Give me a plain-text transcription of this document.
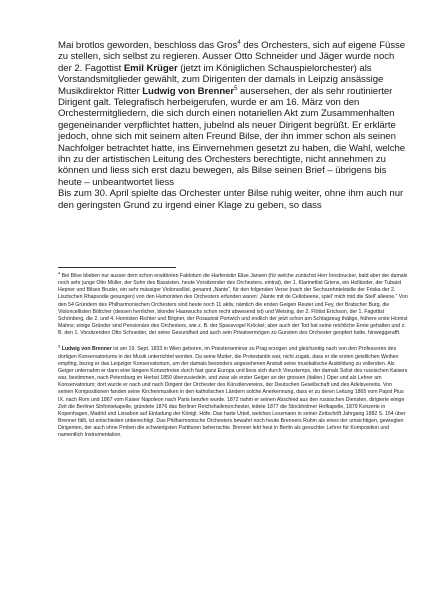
Mai brotlos geworden, beschloss das Gros$^4$ des Orchesters, sich auf eigene Füsse zu stellen, sich selbst zu regieren. Ausser Otto Schneider und Jäger wurde noch der 2. Fagottist Emil Krüger (jetzt im Königlichen Schauspielorchester) als Vorstandsmitglieder gewählt, zum Dirigenten der damals in Leipzig ansässige Musikdirektor Ritter Ludwig von Brenner$^5$ ausersehen, der als sehr routinierter Dirigent galt. Telegrafisch herbeigerufen, wurde er am 16. März von den Orchestermitgliedern, die sich durch einen notariellen Akt zum Zusammenhalten gegeneinander verpflichtet hatten, jubelnd als neuer Dirigent begrüßt. Er erklärte jedoch, ohne sich mit seinem alten Freund Bilse, der ihn immer schon als seinen Nachfolger betrachtet hatte, ins Einvernehmen gesetzt zu haben, die Wahl, welche ihn zu der artistischen Leitung des Orchesters berechtigte, nicht annehmen zu können und liess sich erst dazu bewegen, als Bilse seinen Brief – übrigens bis heute – unbeantwortet liess
Bis zum 30. April spielte das Orchester unter Bilse ruhig weiter, ohne ihm auch nur den geringsten Grund zu irgend einer Klage zu geben, so dass

$^4$ Bei Bilse blieben nur ausser dem schon erwähnten Faktotum die Harfenistin Elise Jansen (für welche zunächst Herr Innsbrucker, bald aber der damals noch sehr junge Otto Müller, der Sohn des Bassisten, heute Vorsitzender des Orchesters, eintrat), der 1. Klarinettist Griens, ein Holländer, der Tubaist Hepner und Bilses Bruder, ein sehr mässiger Violoncellist, genannt „Nante“, für den folgenden Verse (nach der Sechszehntelstelle der Friska der 2. Lisztschen Rhapsodie gesungen) von den Humoristen des Orchesters erfunden waren: „Nante mit de Cellobeene, spiel' mich mid die Stell' alleene.“ Von den 54 Gründern des Philharmonischen Orchesters sind heute noch 11 aktiv, nämlich die ersten Geigen Reuter und Fey, der Bratscher Burg, die Violoncellisten Böttcher (dessen herrlicher, blonder Haarwuchs schon recht abwesend ist) und Weising, der 2. Flötist Erichson, der 1. Fagottist Schönberg, die 2. und 4. Hornisten Richter und Bögner, der Posaunist Portwich und endlich der jetzt schon am Schlagzeug thätige, frühere erste Hornist Mahns; einige Gründer sind Pensionäre des Orchesters, wie z. B. der Spassvogel Kröckel; aber auch der Tod hat seine reichliche Ernte gehalten und z. B. den 1. Vorsitzenden Otto Schneider, der seine Gesundheit und auch sein Privatvermögen zu Gunsten des Orchester geopfert hatte, hinweggerafft.

$^5$ Ludwig von Brenner ist am 19. Sept. 1833 in Wien geboren, im Priesterseminar zu Prag erzogen und gleichzeitig nach von den Professoren des dortigen Konservatoriums in der Musik unterrichtet worden. Da seine Mutter, die Protestantin war, nicht zugab, dass er die ersten geistlichen Weihen empfing, bezog er das Leipziger Konservatorium, um der damals besonders angesehenen Anstalt seine musikalische Ausbildung zu vollenden. Als Geiger unternahm er dann eine längere Konzertreise durch fast ganz Europa und liess sich durch Vieuxtemps, der damals Solist des russischen Kaisers war, bestimmen, nach Petersburg im Herbst 1850 überzusiedeln. und zwar als erster Geiger an der grossen (italien.) Oper und als Lehrer am Konservatorium; dort wurde er nach und nach Dirigent der Orchester des Künstlervereins, der Deutschen Gesellschaft und des Adelsvereins. Von seinen Kompositionen fanden seine Kirchenmusiken in den katholischen Ländern solche Anerkennung, dass er zu deren Leitung 1865 vom Papst Pius IX. nach Rom und 1867 vom Kaiser Napoleon nach Paris berufen wurde. 1872 nahm er seinen Abschied aus den russischen Diensten, dirigierte einige Zeit die Berliner Sinfoniekapelle, gründete 1876 das Berliner Reichshallenorchester, leitete 1877 die Stockholmer Hofkapelle, 1879 Konzerte in Kopenhagen, Madrid und Lissabon auf Einladung der Königl. Höfe. Das harte Urteil, welches Lessmann in seiner Zeitschrift Jahrgang 1882 S. 154 über Brenner fällt, ist entschieden unberechtigt. Das Philharmonische Orchesters bewahrt noch heute Brenners Ruhm als eines der umsichtigen, gewiegten Dirigenten, der auch ohne Proben die schwierigsten Partituren beherrschte. Brenner lebt heut in Berlin als gesuchter Lehrer für Komposition und namentlich Instrumentation.
